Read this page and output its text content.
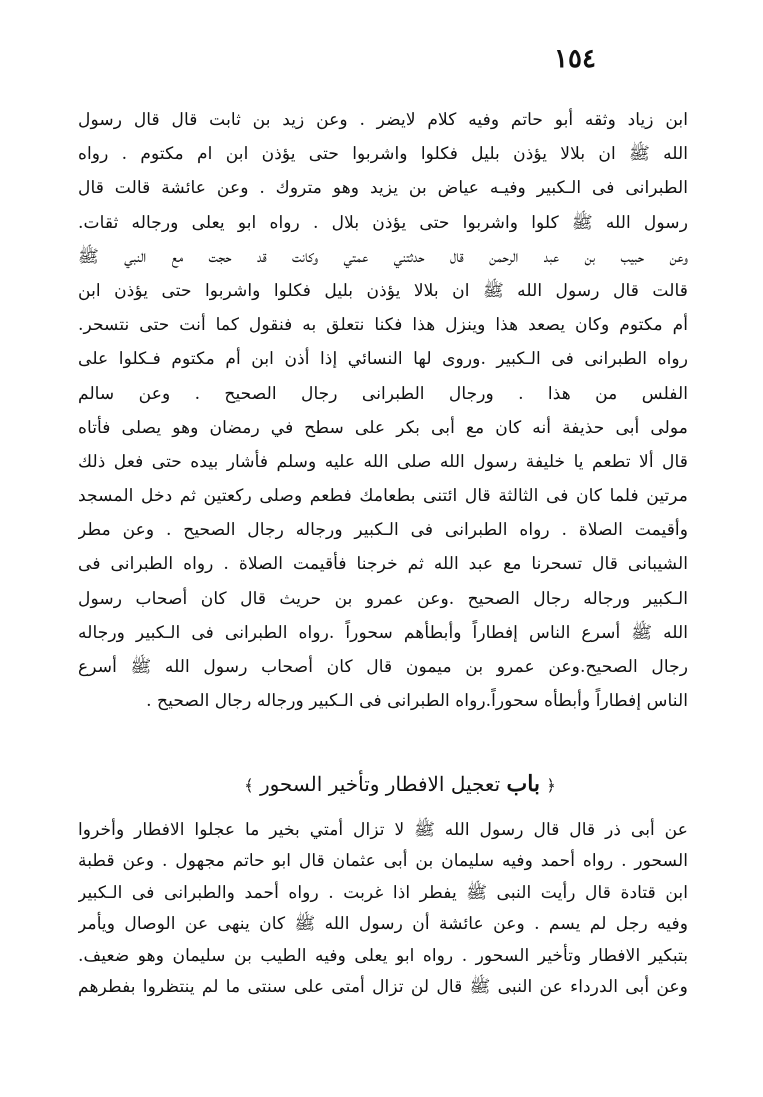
١٥٤
ابن زياد وثقه أبو حاتم وفيه كلام لايضر . وعن زيد بن ثابت قال قال رسول
الله ﷺ ان بلالا يؤذن بليل فكلوا واشربوا حتى يؤذن ابن ام مكتوم . رواه
الطبرانى فى الـكبير وفيـه عياض بن يزيد وهو متروك . وعن عائشة قالت قال
رسول الله ﷺ كلوا واشربوا حتى يؤذن بلال . رواه ابو يعلى ورجاله ثقات.
وعن حبيب بن عبد الرحمن قال حدثتني عمتي وكانت قد حجت مع النبي ﷺ
قالت قال رسول الله ﷺ ان بلالا يؤذن بليل فكلوا واشربوا حتى يؤذن ابن
أم مكتوم وكان يصعد هذا وينزل هذا فكنا نتعلق به فنقول كما أنت حتى نتسحر.
رواه الطبرانى فى الـكبير .وروى لها النسائي إذا أذن ابن أم مكتوم فـكلوا على
الفلس من هذا . ورجال الطبرانى رجال الصحيح . وعن سالم
مولى أبى حذيفة أنه كان مع أبى بكر على سطح في رمضان وهو يصلى فأتاه
قال ألا تطعم يا خليفة رسول الله صلى الله عليه وسلم فأشار بيده حتى فعل ذلك
مرتين فلما كان فى الثالثة قال ائتنى بطعامك فطعم وصلى ركعتين ثم دخل المسجد
وأقيمت الصلاة . رواه الطبرانى فى الـكبير ورجاله رجال الصحيح . وعن مطر
الشيبانى قال تسحرنا مع عبد الله ثم خرجنا فأقيمت الصلاة . رواه الطبرانى فى
الـكبير ورجاله رجال الصحيح .وعن عمرو بن حريث قال كان أصحاب رسول
الله ﷺ أسرع الناس إفطاراً وأبطأهم سحوراً .رواه الطبرانى فى الـكبير ورجاله
رجال الصحيح.وعن عمرو بن ميمون قال كان أصحاب رسول الله ﷺ أسرع
الناس إفطاراً وأبطأه سحوراً.رواه الطبرانى فى الـكبير ورجاله رجال الصحيح .
﴿ باب تعجيل الافطار وتأخير السحور ﴾
عن أبى ذر قال قال رسول الله ﷺ لا تزال أمتي بخير ما عجلوا الافطار وأخروا
السحور . رواه أحمد وفيه سليمان بن أبى عثمان قال ابو حاتم مجهول . وعن قطبة
ابن قتادة قال رأيت النبى ﷺ يفطر اذا غربت . رواه أحمد والطبرانى فى الـكبير
وفيه رجل لم يسم . وعن عائشة أن رسول الله ﷺ كان ينهى عن الوصال ويأمر
بتبكير الافطار وتأخير السحور . رواه ابو يعلى وفيه الطيب بن سليمان وهو ضعيف.
وعن أبى الدرداء عن النبى ﷺ قال لن تزال أمتى على سنتى ما لم ينتظروا بفطرهم
